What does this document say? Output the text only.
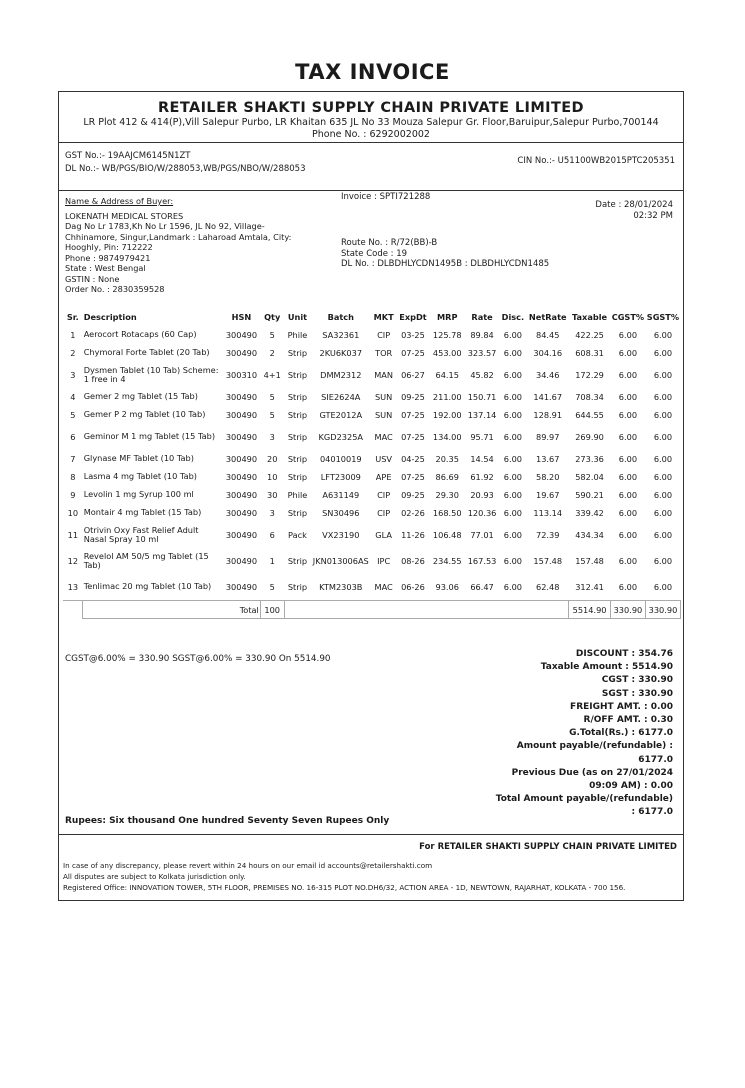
TAX INVOICE
RETAILER SHAKTI SUPPLY CHAIN PRIVATE LIMITED
LR Plot 412 & 414(P),Vill Salepur Purbo, LR Khaitan 635 JL No 33 Mouza Salepur Gr. Floor,Baruipur,Salepur Purbo,700144
Phone No. : 6292002002
GST No.:- 19AAJCM6145N1ZT
DL No.:- WB/PGS/BIO/W/288053,WB/PGS/NBO/W/288053
CIN No.:- U51100WB2015PTC205351
Name & Address of Buyer:
LOKENATH MEDICAL STORES
Dag No Lr 1783,Kh No Lr 1596, JL No 92, Village-
Chhinamore, Singur,Landmark : Laharoad Amtala, City:
Hooghly, Pin: 712222
Phone : 9874979421
State : West Bengal
GSTIN : None
Order No. : 2830359528
Invoice : SPTI721288
Date : 28/01/2024
02:32 PM
Route No. : R/72(BB)-B
State Code : 19
DL No. : DLBDHLYCDN1495B : DLBDHLYCDN1485
Sr.	Description	HSN	Qty	Unit	Batch	MKT	ExpDt	MRP	Rate	Disc.	NetRate	Taxable	CGST%	SGST%
1	Aerocort Rotacaps (60 Cap)	300490	5	Phile	SA32361	CIP	03-25	125.78	89.84	6.00	84.45	422.25	6.00	6.00
2	Chymoral Forte Tablet (20 Tab)	300490	2	Strip	2KU6K037	TOR	07-25	453.00	323.57	6.00	304.16	608.31	6.00	6.00
3	Dysmen Tablet (10 Tab) Scheme: 1 free in 4	300310	4+1	Strip	DMM2312	MAN	06-27	64.15	45.82	6.00	34.46	172.29	6.00	6.00
4	Gemer 2 mg Tablet (15 Tab)	300490	5	Strip	SIE2624A	SUN	09-25	211.00	150.71	6.00	141.67	708.34	6.00	6.00
5	Gemer P 2 mg Tablet (10 Tab)	300490	5	Strip	GTE2012A	SUN	07-25	192.00	137.14	6.00	128.91	644.55	6.00	6.00
6	Geminor M 1 mg Tablet (15 Tab)	300490	3	Strip	KGD2325A	MAC	07-25	134.00	95.71	6.00	89.97	269.90	6.00	6.00
7	Glynase MF Tablet (10 Tab)	300490	20	Strip	04010019	USV	04-25	20.35	14.54	6.00	13.67	273.36	6.00	6.00
8	Lasma 4 mg Tablet (10 Tab)	300490	10	Strip	LFT23009	APE	07-25	86.69	61.92	6.00	58.20	582.04	6.00	6.00
9	Levolin 1 mg Syrup 100 ml	300490	30	Phile	A631149	CIP	09-25	29.30	20.93	6.00	19.67	590.21	6.00	6.00
10	Montair 4 mg Tablet (15 Tab)	300490	3	Strip	SN30496	CIP	02-26	168.50	120.36	6.00	113.14	339.42	6.00	6.00
11	Otrivin Oxy Fast Relief Adult Nasal Spray 10 ml	300490	6	Pack	VX23190	GLA	11-26	106.48	77.01	6.00	72.39	434.34	6.00	6.00
12	Revelol AM 50/5 mg Tablet (15 Tab)	300490	1	Strip	JKN013006AS	IPC	08-26	234.55	167.53	6.00	157.48	157.48	6.00	6.00
13	Tenlimac 20 mg Tablet (10 Tab)	300490	5	Strip	KTM2303B	MAC	06-26	93.06	66.47	6.00	62.48	312.41	6.00	6.00
	Total		100									5514.90	330.90	330.90
CGST@6.00% = 330.90 SGST@6.00% = 330.90 On 5514.90	DISCOUNT : 354.76
Taxable Amount : 5514.90
CGST : 330.90
SGST : 330.90
FREIGHT AMT. : 0.00
R/OFF AMT. : 0.30
G.Total(Rs.) : 6177.0
Amount payable/(refundable) :
6177.0
Previous Due (as on 27/01/2024
09:09 AM) : 0.00
Total Amount payable/(refundable)
: 6177.0
Rupees: Six thousand One hundred Seventy Seven Rupees Only
For RETAILER SHAKTI SUPPLY CHAIN PRIVATE LIMITED
In case of any discrepancy, please revert within 24 hours on our email id accounts@retailershakti.com
All disputes are subject to Kolkata jurisdiction only.
Registered Office: INNOVATION TOWER, 5TH FLOOR, PREMISES NO. 16-315 PLOT NO.DH6/32, ACTION AREA - 1D, NEWTOWN, RAJARHAT, KOLKATA - 700 156.
